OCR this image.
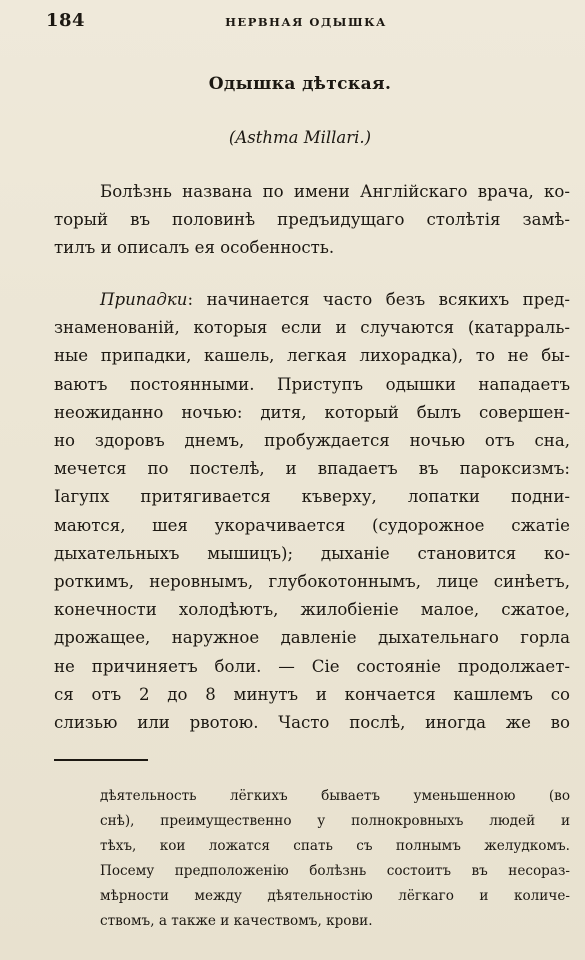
184	НЕРВНАЯ ОДЫШКА
Одышка дѣтская.
(Asthma Millari.)
Болѣзнь названа по имени Англійскаго врача, ко-
торый въ половинѣ предъидущаго столѣтія замѣ-
тилъ и описалъ ея особенность.
Припадки: начинается часто безъ всякихъ пред-
знаменованій, которыя если и случаются (катарраль-
ные припадки, кашель, легкая лихорадка), то не бы-
ваютъ постоянными. Приступъ одышки нападаетъ
неожиданно ночью: дитя, который былъ совершен-
но здоровъ днемъ, пробуждается ночью отъ сна,
мечется по постелѣ, и впадаетъ въ пароксизмъ:
Iагупх притягивается къверху, лопатки подни-
маются, шея укорачивается (судорожное сжатіе
дыхательныхъ мышицъ); дыханіе становится ко-
роткимъ, неровнымъ, глубокотоннымъ, лице синѣетъ,
конечности холодѣютъ, жилобіеніе малое, сжатое,
дрожащее, наружное давленіе дыхательнаго горла
не причиняетъ боли. — Сіе состояніе продолжает-
ся отъ 2 до 8 минутъ и кончается кашлемъ со
слизью или рвотою. Часто послѣ, иногда же во
дѣятельность лёгкихъ бываетъ уменьшенною (во
снѣ), преимущественно у полнокровныхъ людей и
тѣхъ, кои ложатся спать съ полнымъ желудкомъ.
Посему предположенію болѣзнь состоитъ въ несораз-
мѣрности между дѣятельностію лёгкаго и количе-
ствомъ, а также и качествомъ, крови.
